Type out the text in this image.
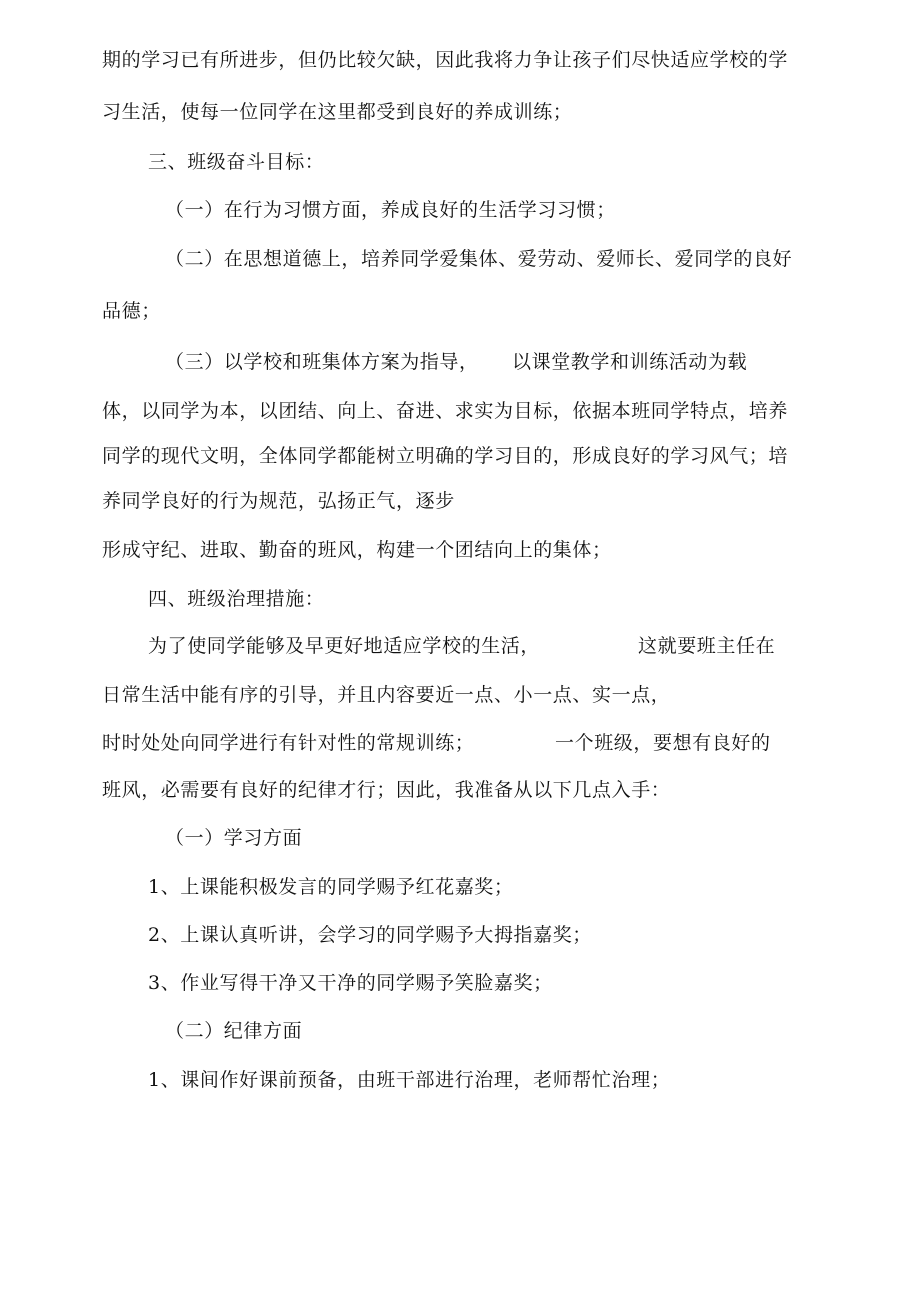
期的学习已有所进步，但仍比较欠缺，因此我将力争让孩子们尽快适应学校的学
习生活，使每一位同学在这里都受到良好的养成训练；
三、班级奋斗目标：
（一）在行为习惯方面，养成良好的生活学习习惯；
（二）在思想道德上，培养同学爱集体、爱劳动、爱师长、爱同学的良好
品德；
（三）以学校和班集体方案为指导， 以课堂教学和训练活动为载
体，以同学为本，以团结、向上、奋进、求实为目标，依据本班同学特点，培养
同学的现代文明，全体同学都能树立明确的学习目的，形成良好的学习风气；培
养同学良好的行为规范，弘扬正气，逐步
形成守纪、进取、勤奋的班风，构建一个团结向上的集体；
四、班级治理措施：
为了使同学能够及早更好地适应学校的生活，	这就要班主任在
日常生活中能有序的引导，并且内容要近一点、小一点、实一点，
时时处处向同学进行有针对性的常规训练；	一个班级，要想有良好的
班风，必需要有良好的纪律才行；因此，我准备从以下几点入手：
（一）学习方面
1、上课能积极发言的同学赐予红花嘉奖；
2、上课认真听讲，会学习的同学赐予大拇指嘉奖；
3、作业写得干净又干净的同学赐予笑脸嘉奖；
（二）纪律方面
1、课间作好课前预备，由班干部进行治理，老师帮忙治理；
